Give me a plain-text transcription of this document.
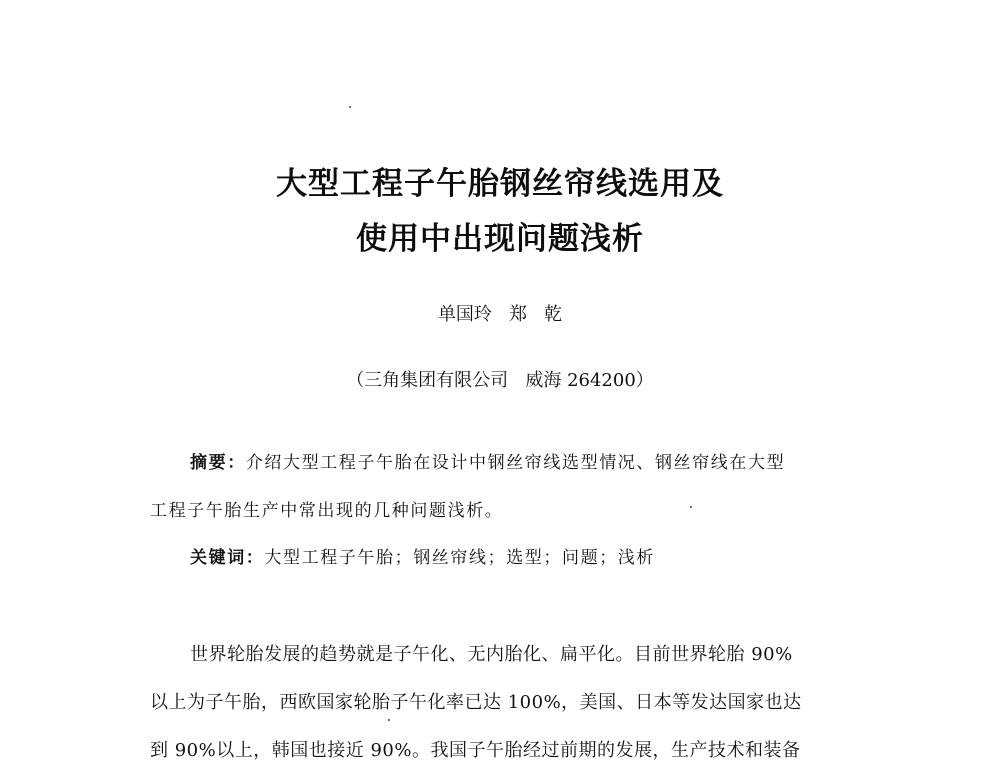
大型工程子午胎钢丝帘线选用及
使用中出现问题浅析
单国玲   郑   乾
（三角集团有限公司   威海 264200）
摘要：介绍大型工程子午胎在设计中钢丝帘线选型情况、钢丝帘线在大型
工程子午胎生产中常出现的几种问题浅析。
关键词：大型工程子午胎；钢丝帘线；选型；问题；浅析
世界轮胎发展的趋势就是子午化、无内胎化、扁平化。目前世界轮胎 90%
以上为子午胎，西欧国家轮胎子午化率已达 100%，美国、日本等发达国家也达
到 90%以上，韩国也接近 90%。我国子午胎经过前期的发展，生产技术和装备
